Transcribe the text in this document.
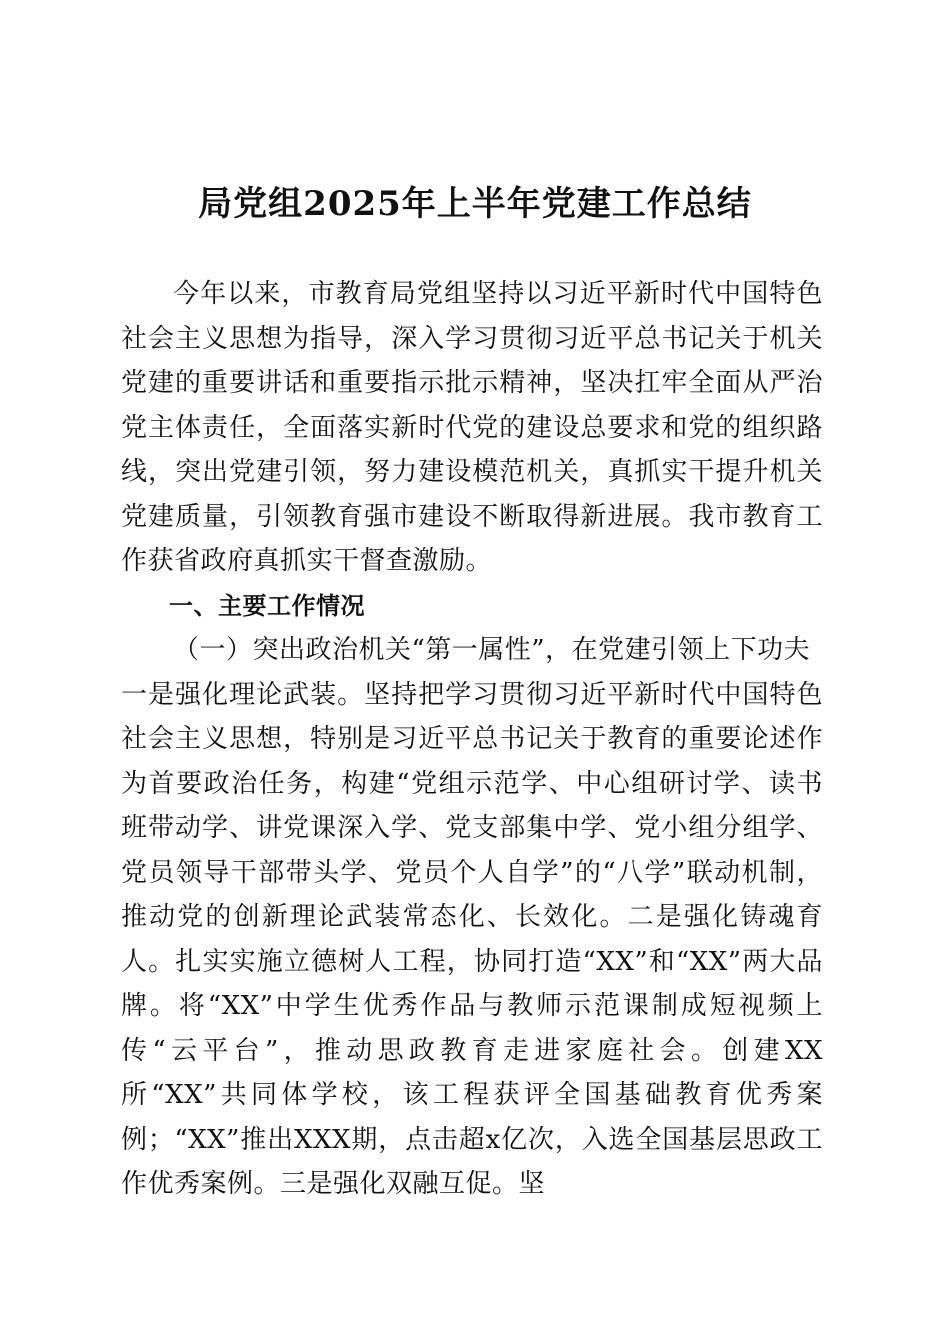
局党组2025年上半年党建工作总结

今年以来，市教育局党组坚持以习近平新时代中国特色社会主义思想为指导，深入学习贯彻习近平总书记关于机关党建的重要讲话和重要指示批示精神，坚决扛牢全面从严治党主体责任，全面落实新时代党的建设总要求和党的组织路线，突出党建引领，努力建设模范机关，真抓实干提升机关党建质量，引领教育强市建设不断取得新进展。我市教育工作获省政府真抓实干督查激励。

一、主要工作情况

（一）突出政治机关“第一属性”，在党建引领上下功夫

一是强化理论武装。坚持把学习贯彻习近平新时代中国特色社会主义思想，特别是习近平总书记关于教育的重要论述作为首要政治任务，构建“党组示范学、中心组研讨学、读书班带动学、讲党课深入学、党支部集中学、党小组分组学、党员领导干部带头学、党员个人自学”的“八学”联动机制，推动党的创新理论武装常态化、长效化。二是强化铸魂育人。扎实实施立德树人工程，协同打造“XX”和“XX”两大品牌。将“XX”中学生优秀作品与教师示范课制成短视频上传“云平台”，推动思政教育走进家庭社会。创建XX所“XX”共同体学校，该工程获评全国基础教育优秀案例；“XX”推出XXX期，点击超x亿次，入选全国基层思政工作优秀案例。三是强化双融互促。坚
